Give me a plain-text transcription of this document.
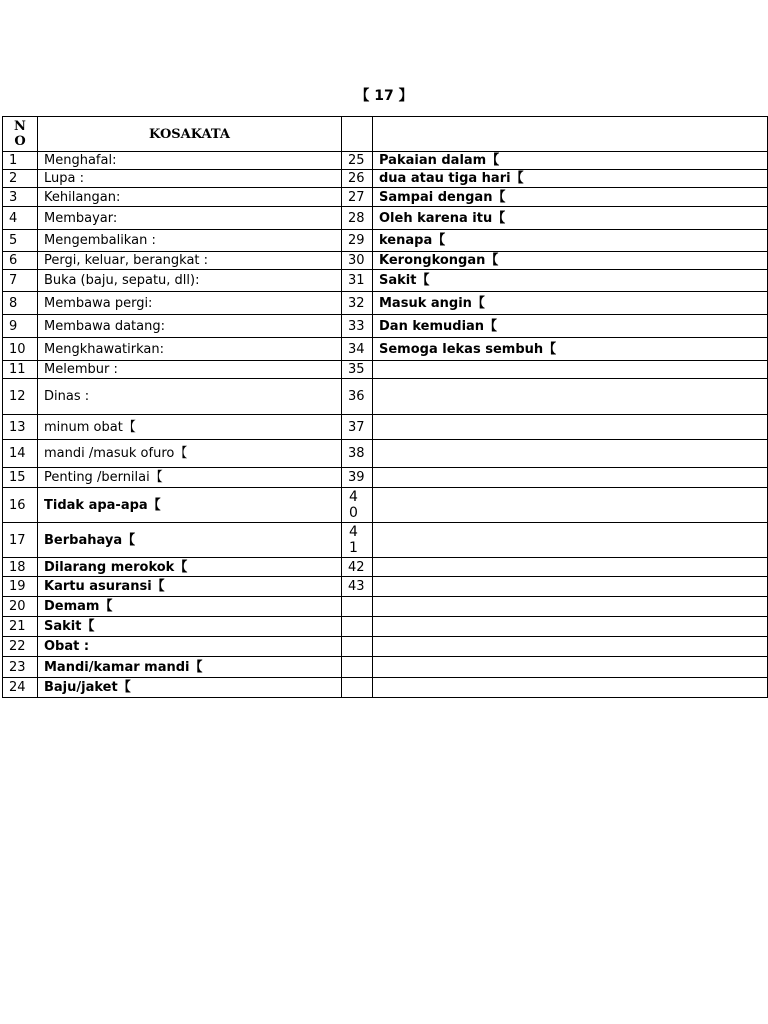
【 17 】
N O	KOSAKATA		
1	Menghafal:	25	Pakaian dalam【
2	Lupa :	26	dua atau tiga hari【
3	Kehilangan:	27	Sampai dengan【
4	Membayar:	28	Oleh karena itu【
5	Mengembalikan :	29	kenapa【
6	Pergi, keluar, berangkat :	30	Kerongkongan【
7	Buka (baju, sepatu, dll):	31	Sakit【
8	Membawa pergi:	32	Masuk angin【
9	Membawa datang:	33	Dan kemudian【
10	Mengkhawatirkan:	34	Semoga lekas sembuh【
11	Melembur :	35	
12	Dinas :	36	
13	minum obat【	37	
14	mandi /masuk ofuro【	38	
15	Penting /bernilai【	39	
16	Tidak apa-apa【	40	
17	Berbahaya【	41	
18	Dilarang merokok【	42	
19	Kartu asuransi【	43	
20	Demam【		
21	Sakit【		
22	Obat :		
23	Mandi/kamar mandi【		
24	Baju/jaket【		
